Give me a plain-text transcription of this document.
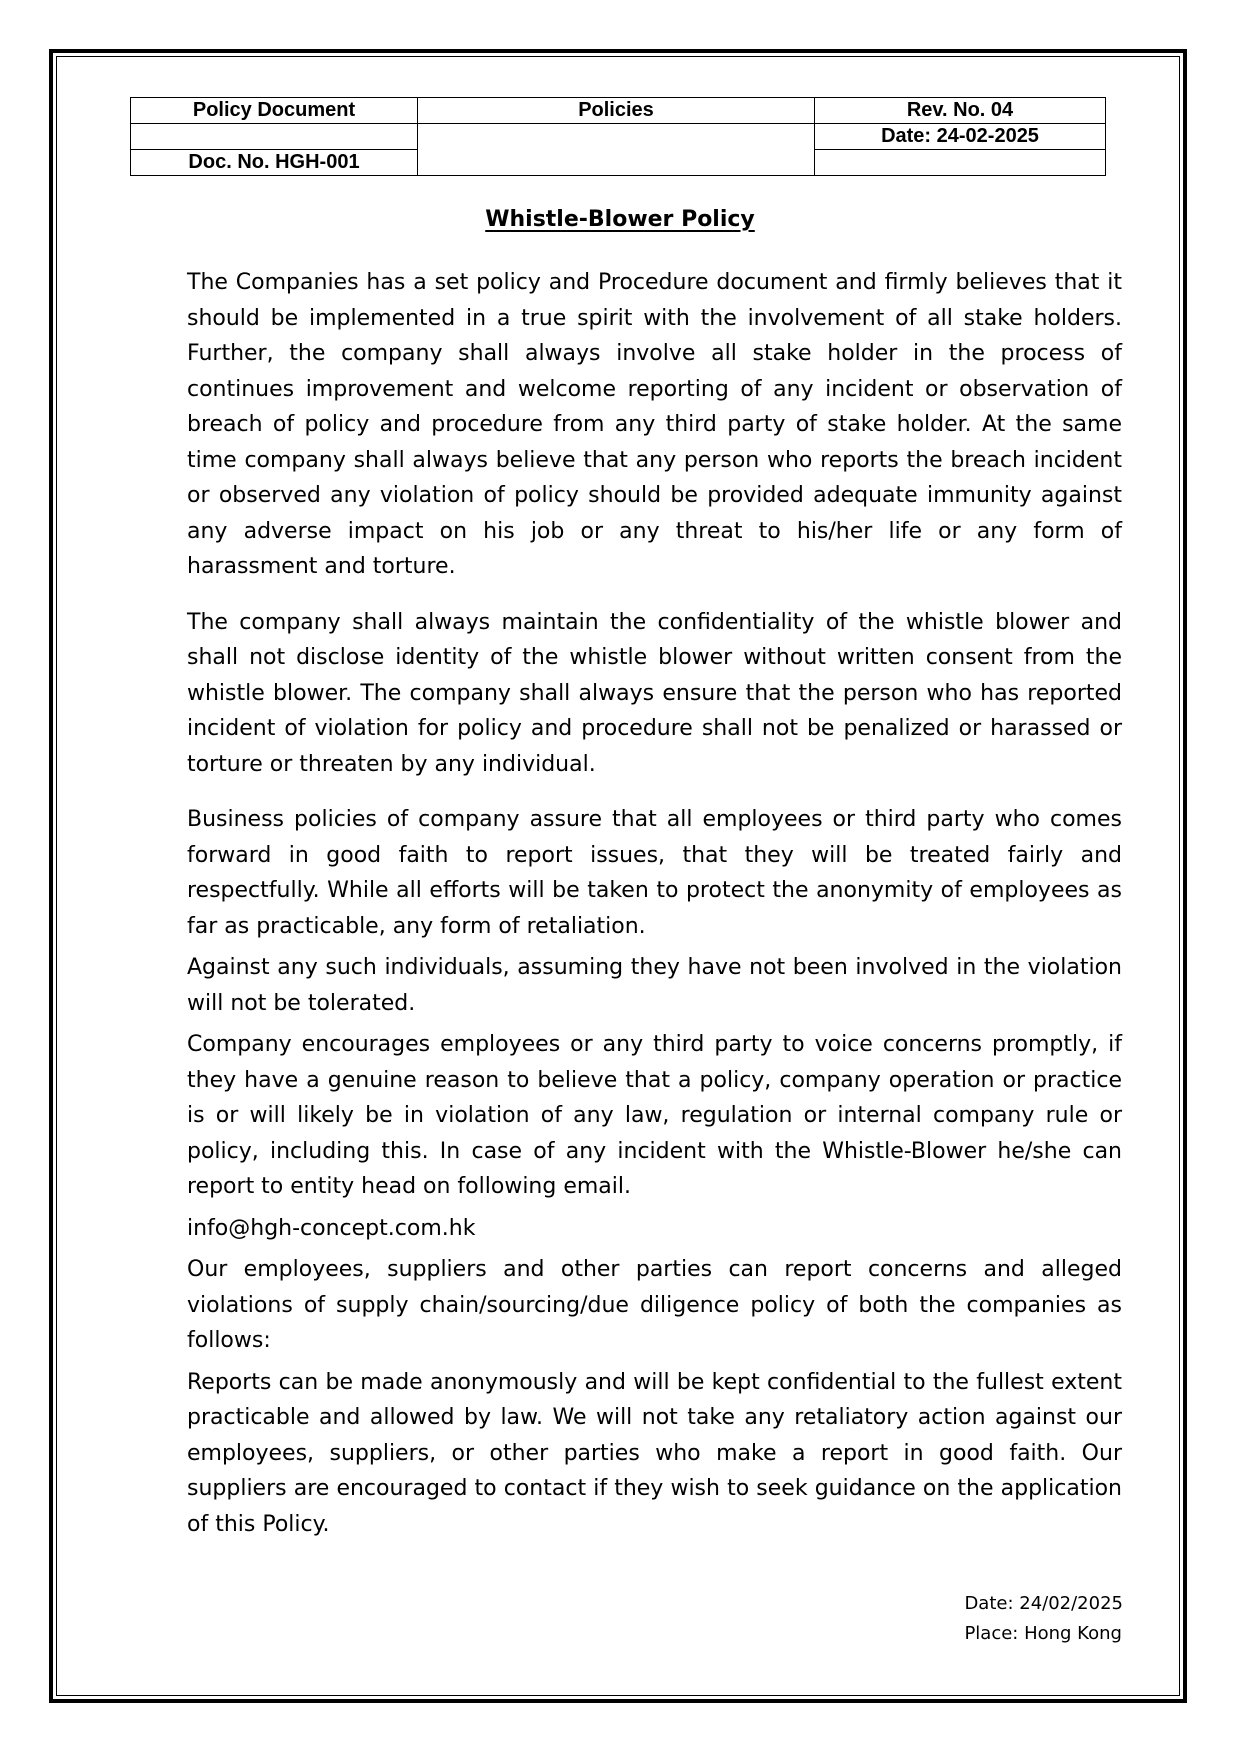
Policy Document	Policies	Rev. No. 04
		Date: 24-02-2025
Doc. No. HGH-001		
Whistle-Blower Policy

The Companies has a set policy and Procedure document and firmly believes that it should be implemented in a true spirit with the involvement of all stake holders. Further, the company shall always involve all stake holder in the process of continues improvement and welcome reporting of any incident or observation of breach of policy and procedure from any third party of stake holder. At the same time company shall always believe that any person who reports the breach incident or observed any violation of policy should be provided adequate immunity against any adverse impact on his job or any threat to his/her life or any form of harassment and torture.

The company shall always maintain the confidentiality of the whistle blower and shall not disclose identity of the whistle blower without written consent from the whistle blower. The company shall always ensure that the person who has reported incident of violation for policy and procedure shall not be penalized or harassed or torture or threaten by any individual.

Business policies of company assure that all employees or third party who comes forward in good faith to report issues, that they will be treated fairly and respectfully. While all efforts will be taken to protect the anonymity of employees as far as practicable, any form of retaliation.

Against any such individuals, assuming they have not been involved in the violation will not be tolerated.

Company encourages employees or any third party to voice concerns promptly, if they have a genuine reason to believe that a policy, company operation or practice is or will likely be in violation of any law, regulation or internal company rule or policy, including this. In case of any incident with the Whistle-Blower he/she can report to entity head on following email.

info@hgh-concept.com.hk

Our employees, suppliers and other parties can report concerns and alleged violations of supply chain/sourcing/due diligence policy of both the companies as follows:

Reports can be made anonymously and will be kept confidential to the fullest extent practicable and allowed by law. We will not take any retaliatory action against our employees, suppliers, or other parties who make a report in good faith. Our suppliers are encouraged to contact if they wish to seek guidance on the application of this Policy.

Date: 24/02/2025
Place: Hong Kong
